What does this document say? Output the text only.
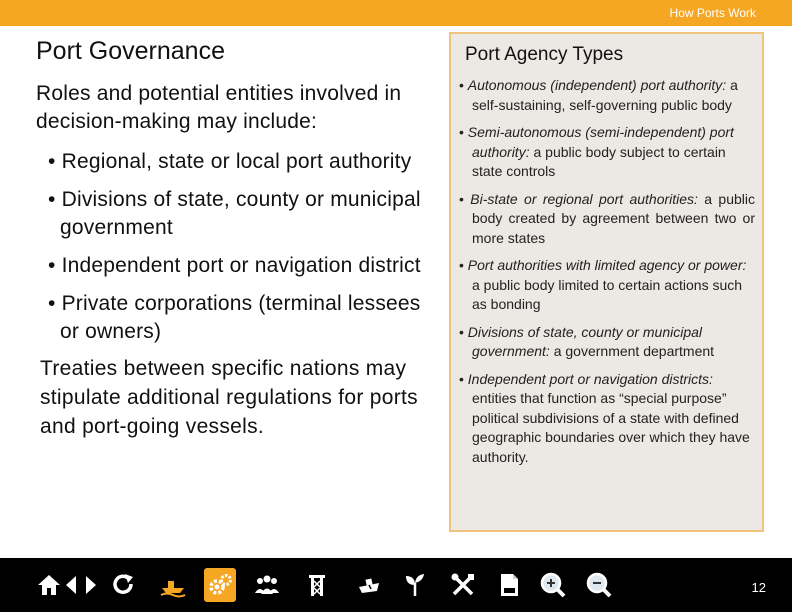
How Ports Work
Port Governance

Roles and potential entities involved in decision-making may include:

• Regional, state or local port authority
• Divisions of state, county or municipal government
• Independent port or navigation district
• Private corporations (terminal lessees or owners)

Treaties between specific nations may stipulate additional regulations for ports and port-going vessels.

Port Agency Types
• Autonomous (independent) port authority: a self-sustaining, self-governing public body
• Semi-autonomous (semi-independent) port authority: a public body subject to certain state controls
• Bi-state or regional port authorities: a public body created by agreement between two or more states
• Port authorities with limited agency or power: a public body limited to certain actions such as bonding
• Divisions of state, county or municipal government: a government department
• Independent port or navigation districts: entities that function as “special purpose” political subdivisions of a state with defined geographic boundaries over which they have authority.
12
